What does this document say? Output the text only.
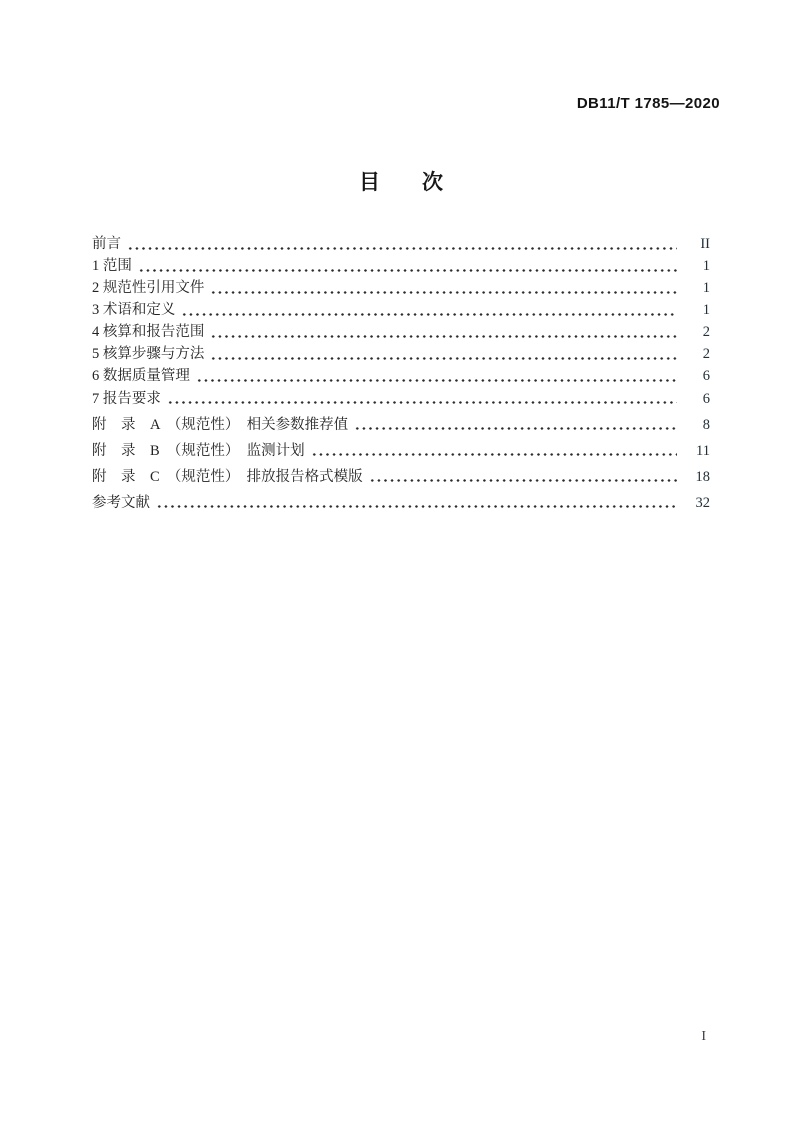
DB11/T 1785—2020
目　　次
前言	II
1 范围	1
2 规范性引用文件	1
3 术语和定义	1
4 核算和报告范围	2
5 核算步骤与方法	2
6 数据质量管理	6
7 报告要求	6
附　录　A　（规范性）　相关参数推荐值	8
附　录　B　（规范性）　监测计划	11
附　录　C　（规范性）　排放报告格式模版	18
参考文献	32
I
